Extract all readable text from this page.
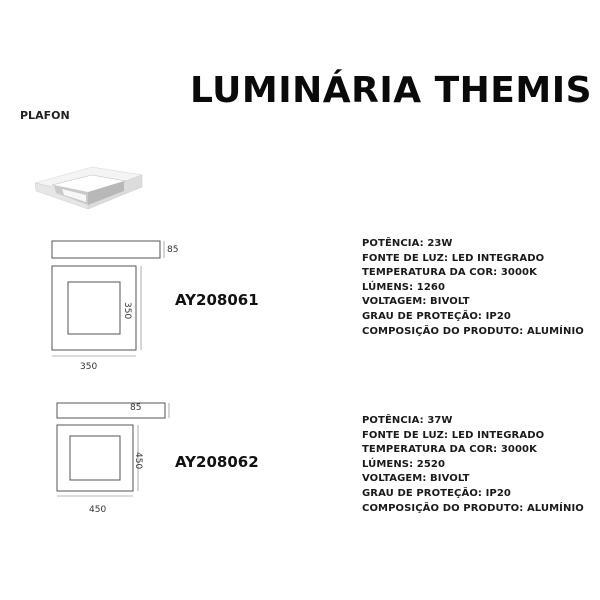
LUMINÁRIA THEMIS
PLAFON
85
350
350
AY208061
POTÊNCIA: 23W
FONTE DE LUZ: LED INTEGRADO
TEMPERATURA DA COR: 3000K
LÚMENS: 1260
VOLTAGEM: BIVOLT
GRAU DE PROTEÇÃO: IP20
COMPOSIÇÃO DO PRODUTO: ALUMÍNIO
85
450
450 AY208062
POTÊNCIA: 37W
FONTE DE LUZ: LED INTEGRADO
TEMPERATURA DA COR: 3000K
LÚMENS: 2520
VOLTAGEM: BIVOLT
GRAU DE PROTEÇÃO: IP20
COMPOSIÇÃO DO PRODUTO: ALUMÍNIO
